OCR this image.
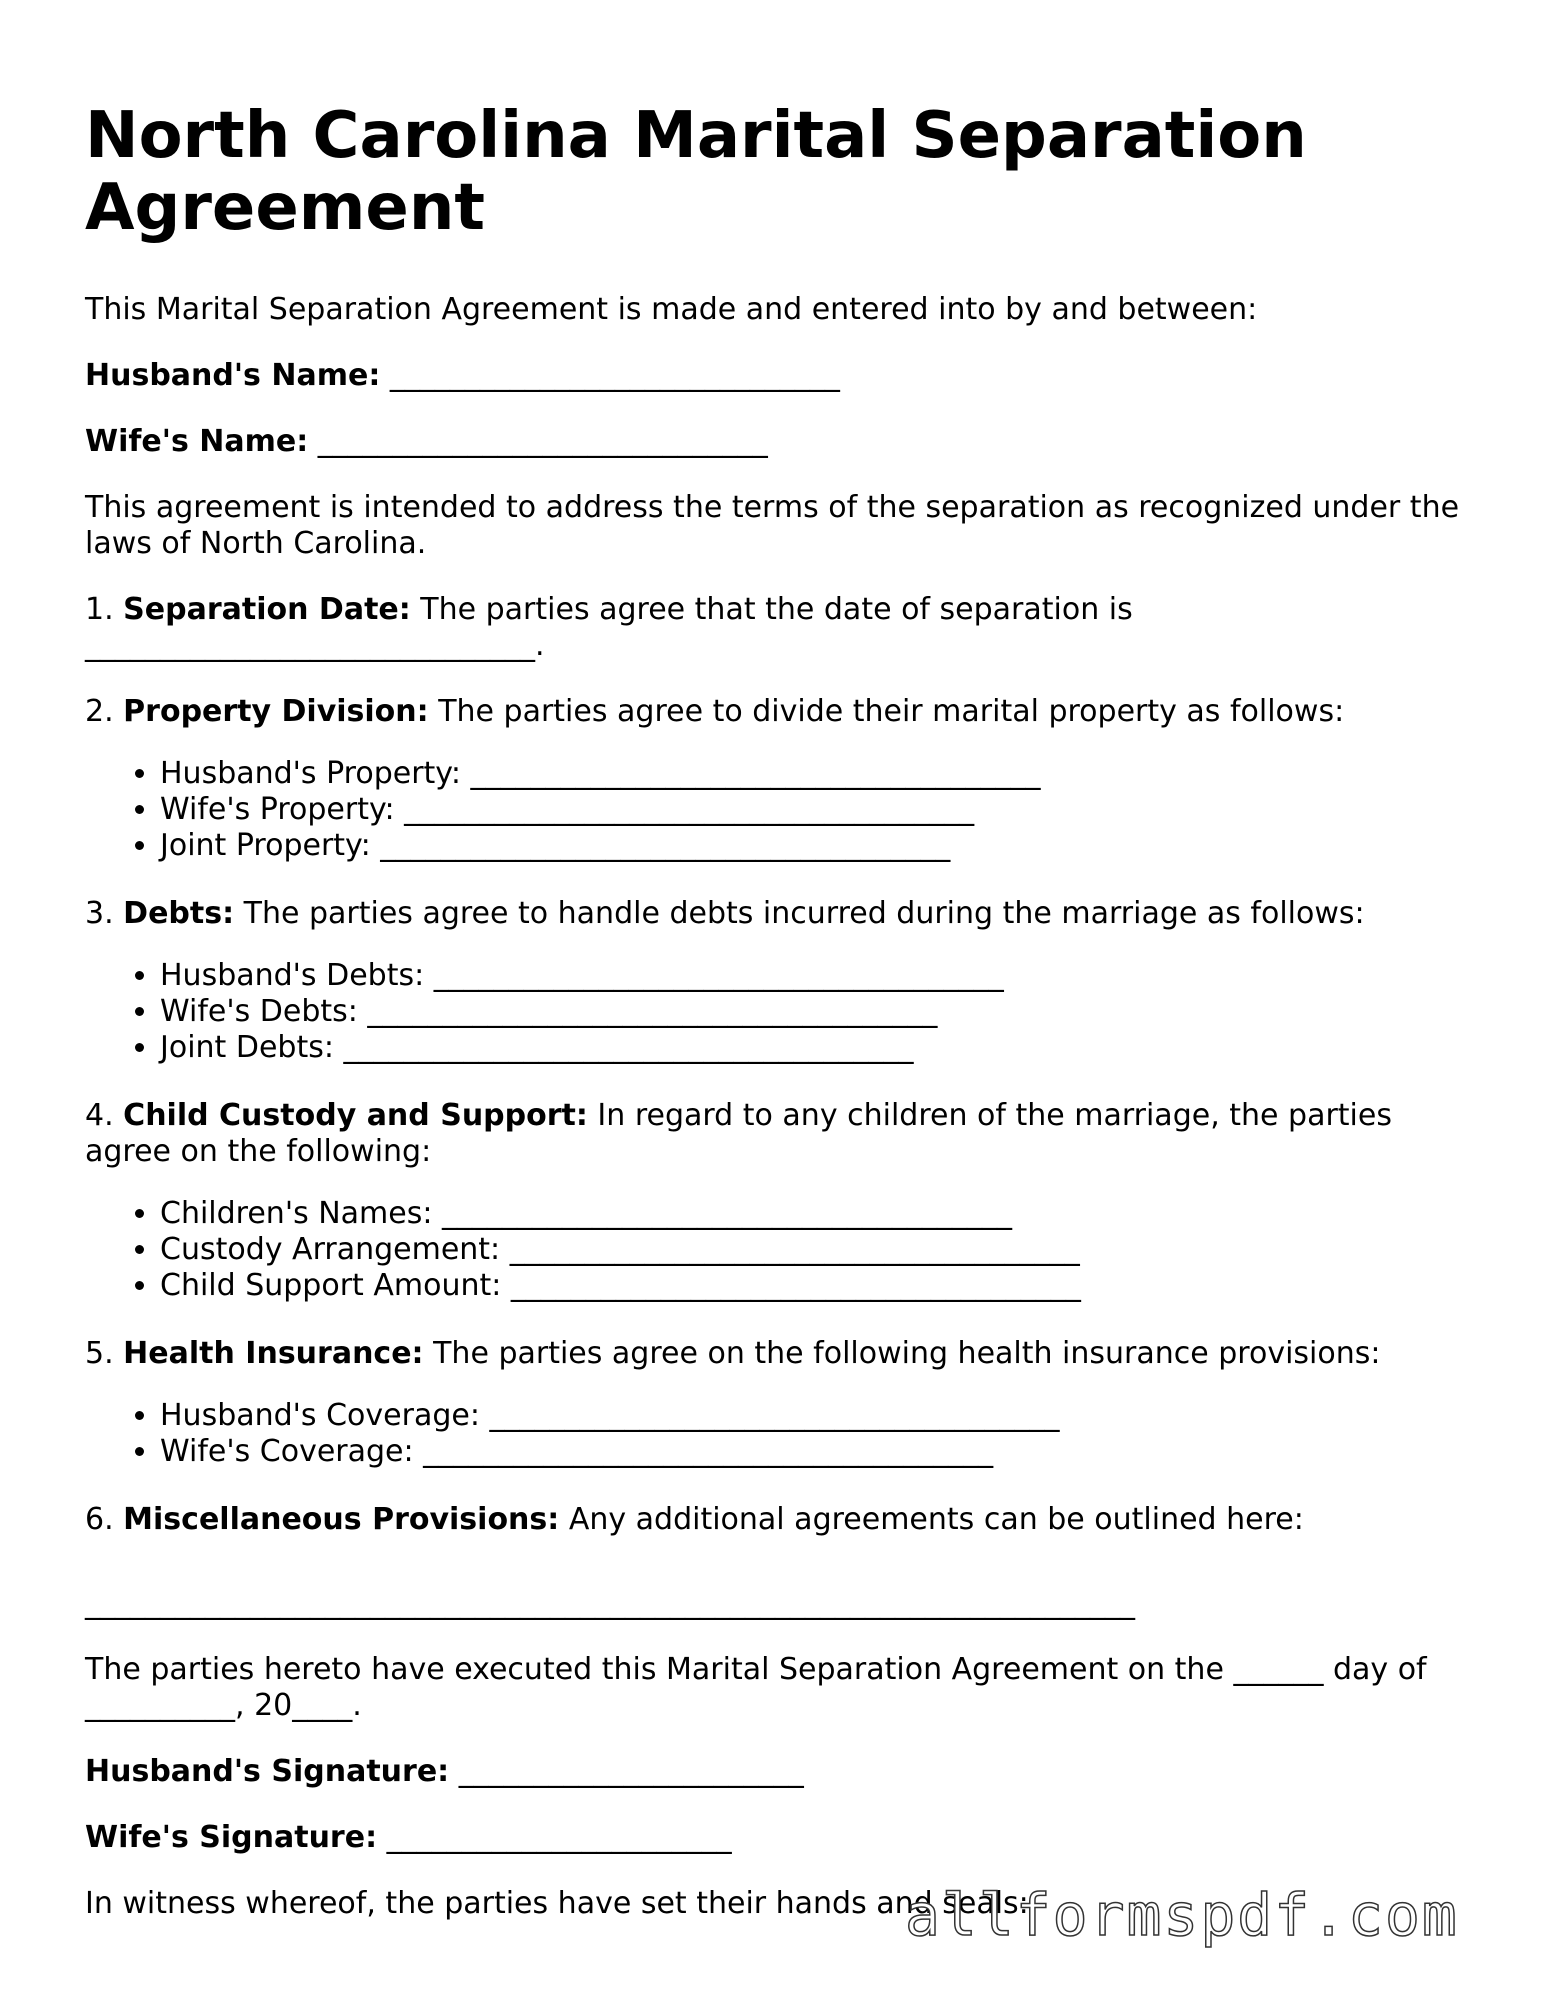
North Carolina Marital Separation Agreement

This Marital Separation Agreement is made and entered into by and between:

Husband's Name: ______________________________

Wife's Name: ______________________________

This agreement is intended to address the terms of the separation as recognized under the laws of North Carolina.

1. Separation Date: The parties agree that the date of separation is ______________________________.

2. Property Division: The parties agree to divide their marital property as follows:

• Husband's Property: ______________________________________
• Wife's Property: ______________________________________
• Joint Property: ______________________________________

3. Debts: The parties agree to handle debts incurred during the marriage as follows:

• Husband's Debts: ______________________________________
• Wife's Debts: ______________________________________
• Joint Debts: ______________________________________

4. Child Custody and Support: In regard to any children of the marriage, the parties agree on the following:

• Children's Names: ______________________________________
• Custody Arrangement: ______________________________________
• Child Support Amount: ______________________________________

5. Health Insurance: The parties agree on the following health insurance provisions:

• Husband's Coverage: ______________________________________
• Wife's Coverage: ______________________________________

6. Miscellaneous Provisions: Any additional agreements can be outlined here:

______________________________________________________________________

The parties hereto have executed this Marital Separation Agreement on the ______ day of __________, 20____.

Husband's Signature: _______________________

Wife's Signature: _______________________

In witness whereof, the parties have set their hands and seals:

allformspdf.com
